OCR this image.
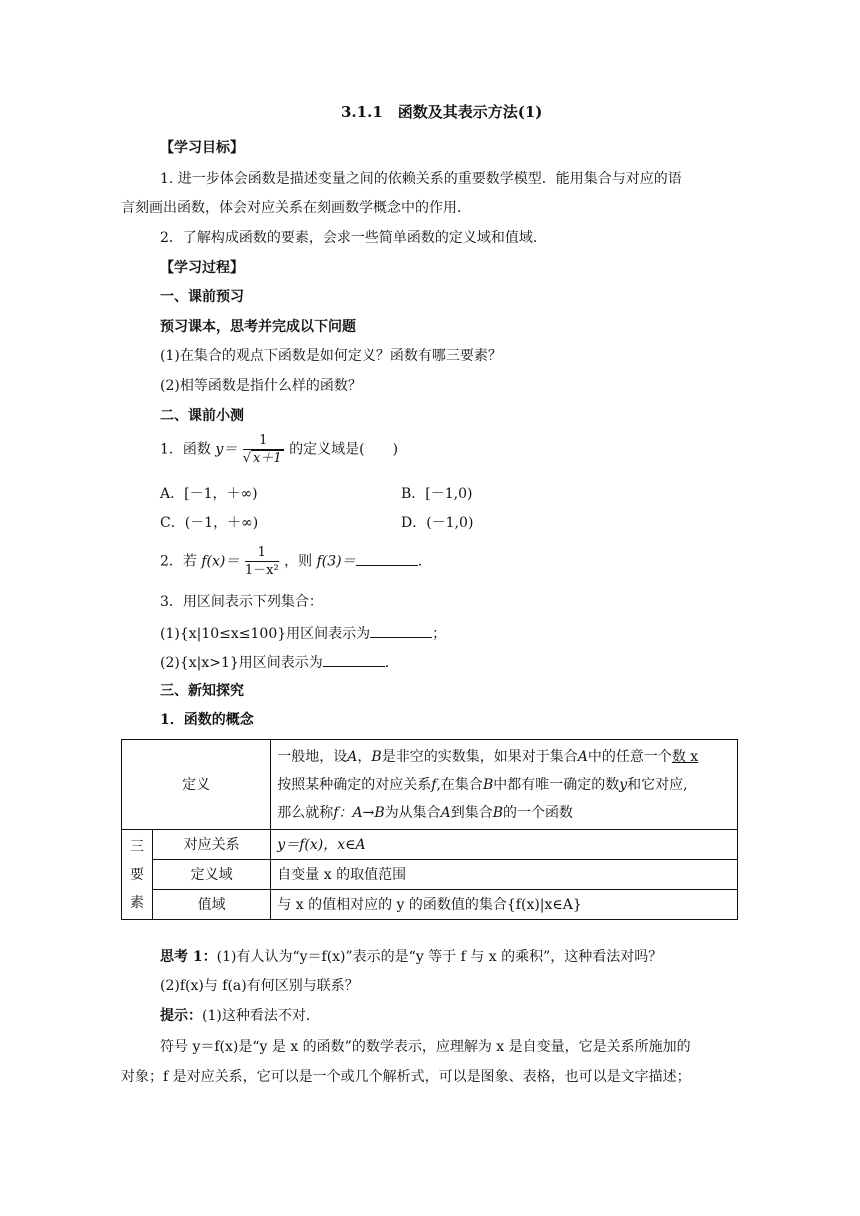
3.1.1　函数及其表示方法(1)
【学习目标】
1. 进一步体会函数是描述变量之间的依赖关系的重要数学模型．能用集合与对应的语
言刻画出函数，体会对应关系在刻画数学概念中的作用．
2．了解构成函数的要素，会求一些简单函数的定义域和值域．
【学习过程】
一、课前预习
预习课本，思考并完成以下问题
(1)在集合的观点下函数是如何定义？函数有哪三要素？
(2)相等函数是指什么样的函数？
二、课前小测
1．函数 $y= \frac{1}{√ x+1}$ 的定义域是(　　)
A．[－1，＋∞)	B．[－1,0)
C．(－1，＋∞)	D．(－1,0)
2．若 $f(x)= \frac{1}{\text{1－x²}}$ ，则 f(3)＝	.
3．用区间表示下列集合：
(1){x|10≤x≤100}用区间表示为	；
(2){x|x>1}用区间表示为	.
三、新知探究
1．函数的概念
定义		一般地，设A，B是非空的实数集，如果对于集合A中的任意一个数 x
按照某种确定的对应关系f,在集合B中都有唯一确定的数y和它对应,
那么就称f：A→B为从集合A到集合B的一个函数

三
要
素	对应关系	y＝f(x)，x∈A
	定义域	自变量 x 的取值范围
	值域	与 x 的值相对应的 y 的函数值的集合{f(x)|x∈A}
思考 1：(1)有人认为“y＝f(x)”表示的是“y 等于 f 与 x 的乘积”，这种看法对吗？
(2)f(x)与 f(a)有何区别与联系？
提示：(1)这种看法不对．
符号 y＝f(x)是“y 是 x 的函数”的数学表示，应理解为 x 是自变量，它是关系所施加的
对象；f 是对应关系，它可以是一个或几个解析式，可以是图象、表格，也可以是文字描述；
